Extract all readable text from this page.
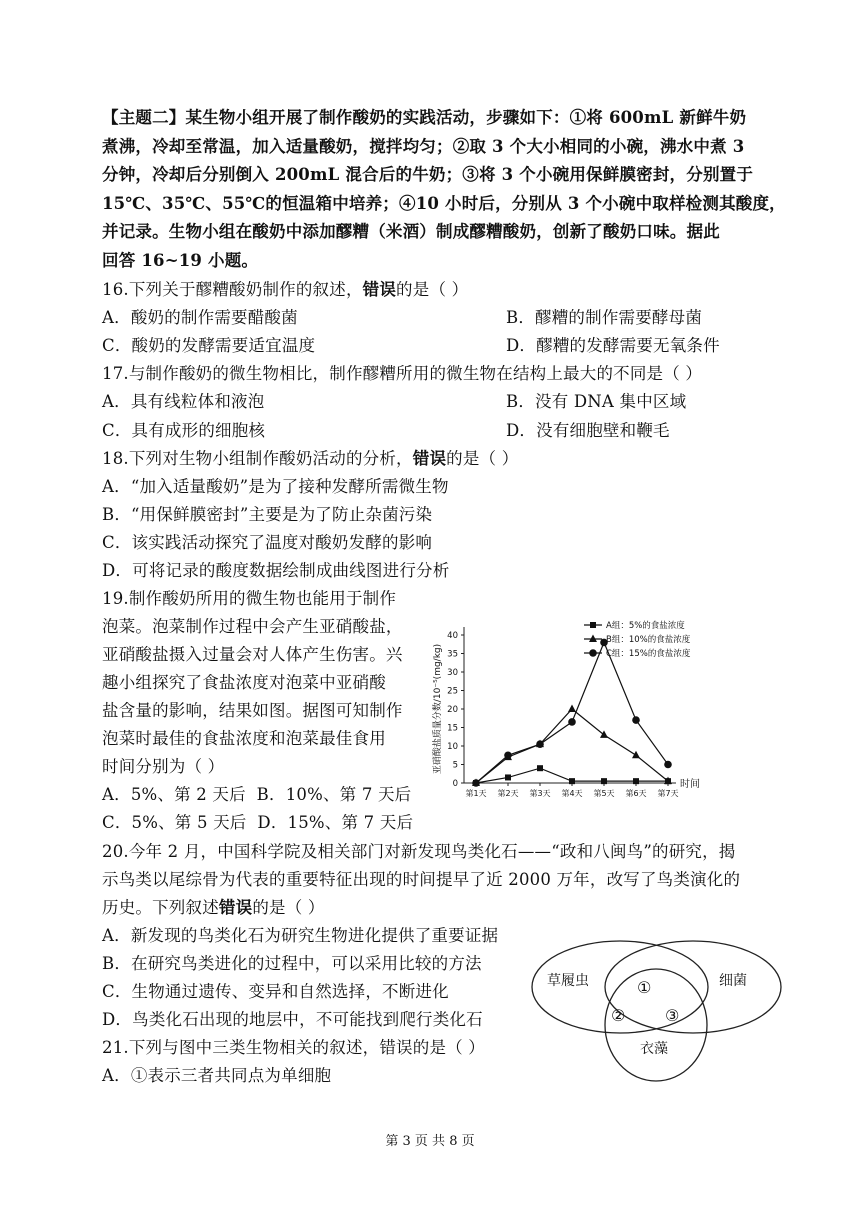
【主题二】某生物小组开展了制作酸奶的实践活动，步骤如下：①将 600mL 新鲜牛奶
煮沸，冷却至常温，加入适量酸奶，搅拌均匀；②取 3 个大小相同的小碗，沸水中煮 3
分钟，冷却后分别倒入 200mL 混合后的牛奶；③将 3 个小碗用保鲜膜密封，分别置于
15℃、35℃、55℃的恒温箱中培养；④10 小时后，分别从 3 个小碗中取样检测其酸度，
并记录。生物小组在酸奶中添加醪糟（米酒）制成醪糟酸奶，创新了酸奶口味。据此
回答 16~19 小题。
16.下列关于醪糟酸奶制作的叙述，错误的是（ ）
A．酸奶的制作需要醋酸菌	B．醪糟的制作需要酵母菌
C．酸奶的发酵需要适宜温度	D．醪糟的发酵需要无氧条件
17.与制作酸奶的微生物相比，制作醪糟所用的微生物在结构上最大的不同是（ ）
A．具有线粒体和液泡	B．没有 DNA 集中区域
C．具有成形的细胞核	D．没有细胞壁和鞭毛
18.下列对生物小组制作酸奶活动的分析，错误的是（ ）
A．“加入适量酸奶”是为了接种发酵所需微生物
B．“用保鲜膜密封”主要是为了防止杂菌污染
C．该实践活动探究了温度对酸奶发酵的影响
D．可将记录的酸度数据绘制成曲线图进行分析
19.制作酸奶所用的微生物也能用于制作
泡菜。泡菜制作过程中会产生亚硝酸盐，
亚硝酸盐摄入过量会对人体产生伤害。兴
趣小组探究了食盐浓度对泡菜中亚硝酸
盐含量的影响，结果如图。据图可知制作
泡菜时最佳的食盐浓度和泡菜最佳食用
时间分别为（ ）
A．5%、第 2 天后 B．10%、第 7 天后
C．5%、第 5 天后 D．15%、第 7 天后
20.今年 2 月，中国科学院及相关部门对新发现鸟类化石——“政和八闽鸟”的研究，揭
示鸟类以尾综骨为代表的重要特征出现的时间提早了近 2000 万年，改写了鸟类演化的
历史。下列叙述错误的是（ ）
A．新发现的鸟类化石为研究生物进化提供了重要证据
B．在研究鸟类进化的过程中，可以采用比较的方法
C．生物通过遗传、变异和自然选择，不断进化
D．鸟类化石出现的地层中，不可能找到爬行类化石
21.下列与图中三类生物相关的叙述，错误的是（ ）
A．①表示三者共同点为单细胞
0
5
10
15
20
25
30
35
40
亚硝酸盐质量分数/10⁻⁵(mg/kg)
第1天 第2天 第3天 第4天 第5天 第6天 第7天
时间
A组：5%的食盐浓度
B组：10%的食盐浓度
C组：15%的食盐浓度
草履虫	细菌
衣藻
①
② ③
第 3 页 共 8 页
